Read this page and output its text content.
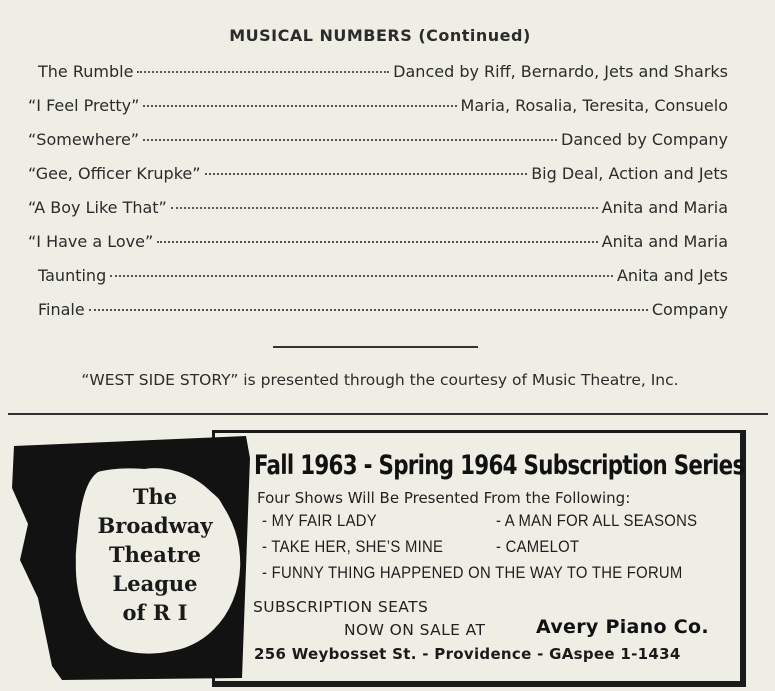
MUSICAL NUMBERS (Continued)
The Rumble	Danced by Riff, Bernardo, Jets and Sharks
“I Feel Pretty”	Maria, Rosalia, Teresita, Consuelo
“Somewhere”	Danced by Company
“Gee, Officer Krupke”	Big Deal, Action and Jets
“A Boy Like That”	Anita and Maria
“I Have a Love”	Anita and Maria
Taunting	Anita and Jets
Finale	Company
“WEST SIDE STORY” is presented through the courtesy of Music Theatre, Inc.
The
Broadway
Theatre
League
of R I
Fall 1963 - Spring 1964 Subscription Series
Four Shows Will Be Presented From the Following:
- MY FAIR LADY	- A MAN FOR ALL SEASONS
- TAKE HER, SHE’S MINE	- CAMELOT
- FUNNY THING HAPPENED ON THE WAY TO THE FORUM
SUBSCRIPTION SEATS
NOW ON SALE AT	Avery Piano Co.
256 Weybosset St. - Providence - GAspee 1-1434
